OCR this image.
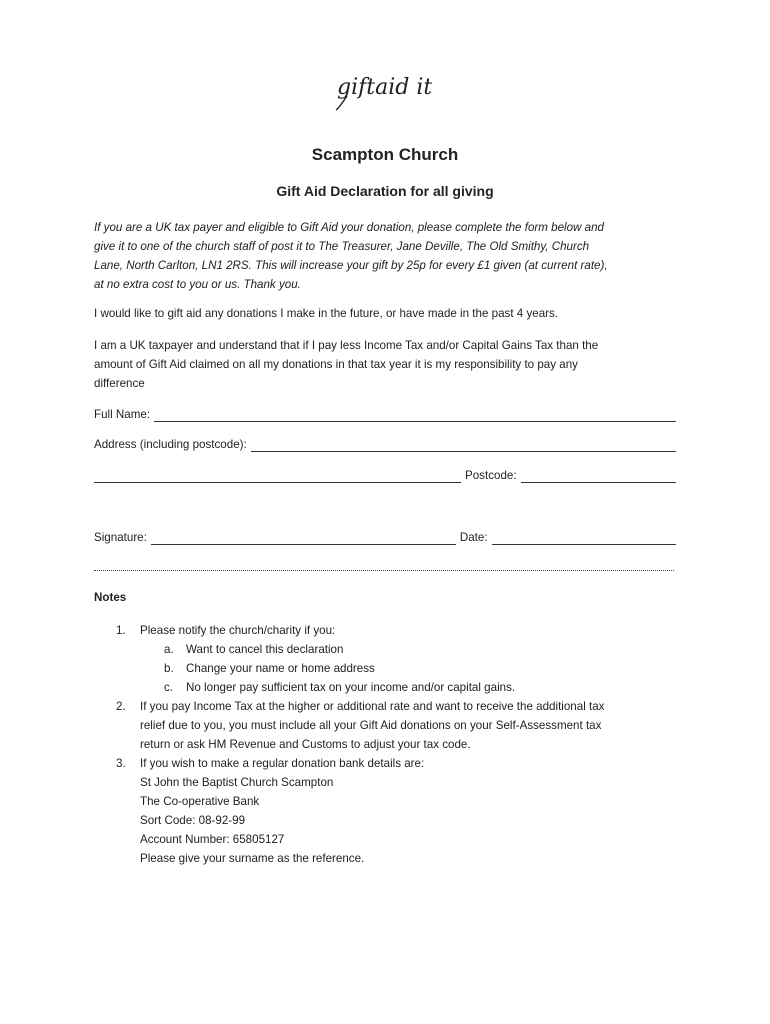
giftaid it
Scampton Church
Gift Aid Declaration for all giving
If you are a UK tax payer and eligible to Gift Aid your donation, please complete the form below and
give it to one of the church staff of post it to The Treasurer, Jane Deville, The Old Smithy, Church
Lane, North Carlton, LN1 2RS. This will increase your gift by 25p for every £1 given (at current rate),
at no extra cost to you or us. Thank you.
I would like to gift aid any donations I make in the future, or have made in the past 4 years.
I am a UK taxpayer and understand that if I pay less Income Tax and/or Capital Gains Tax than the
amount of Gift Aid claimed on all my donations in that tax year it is my responsibility to pay any
difference
Full Name:
Address (including postcode):
Postcode:
Signature:	Date:
Notes
1. Please notify the church/charity if you:
a. Want to cancel this declaration
b. Change your name or home address
c. No longer pay sufficient tax on your income and/or capital gains.
2. If you pay Income Tax at the higher or additional rate and want to receive the additional tax
relief due to you, you must include all your Gift Aid donations on your Self-Assessment tax
return or ask HM Revenue and Customs to adjust your tax code.
3. If you wish to make a regular donation bank details are:
St John the Baptist Church Scampton
The Co-operative Bank
Sort Code: 08-92-99
Account Number: 65805127
Please give your surname as the reference.
